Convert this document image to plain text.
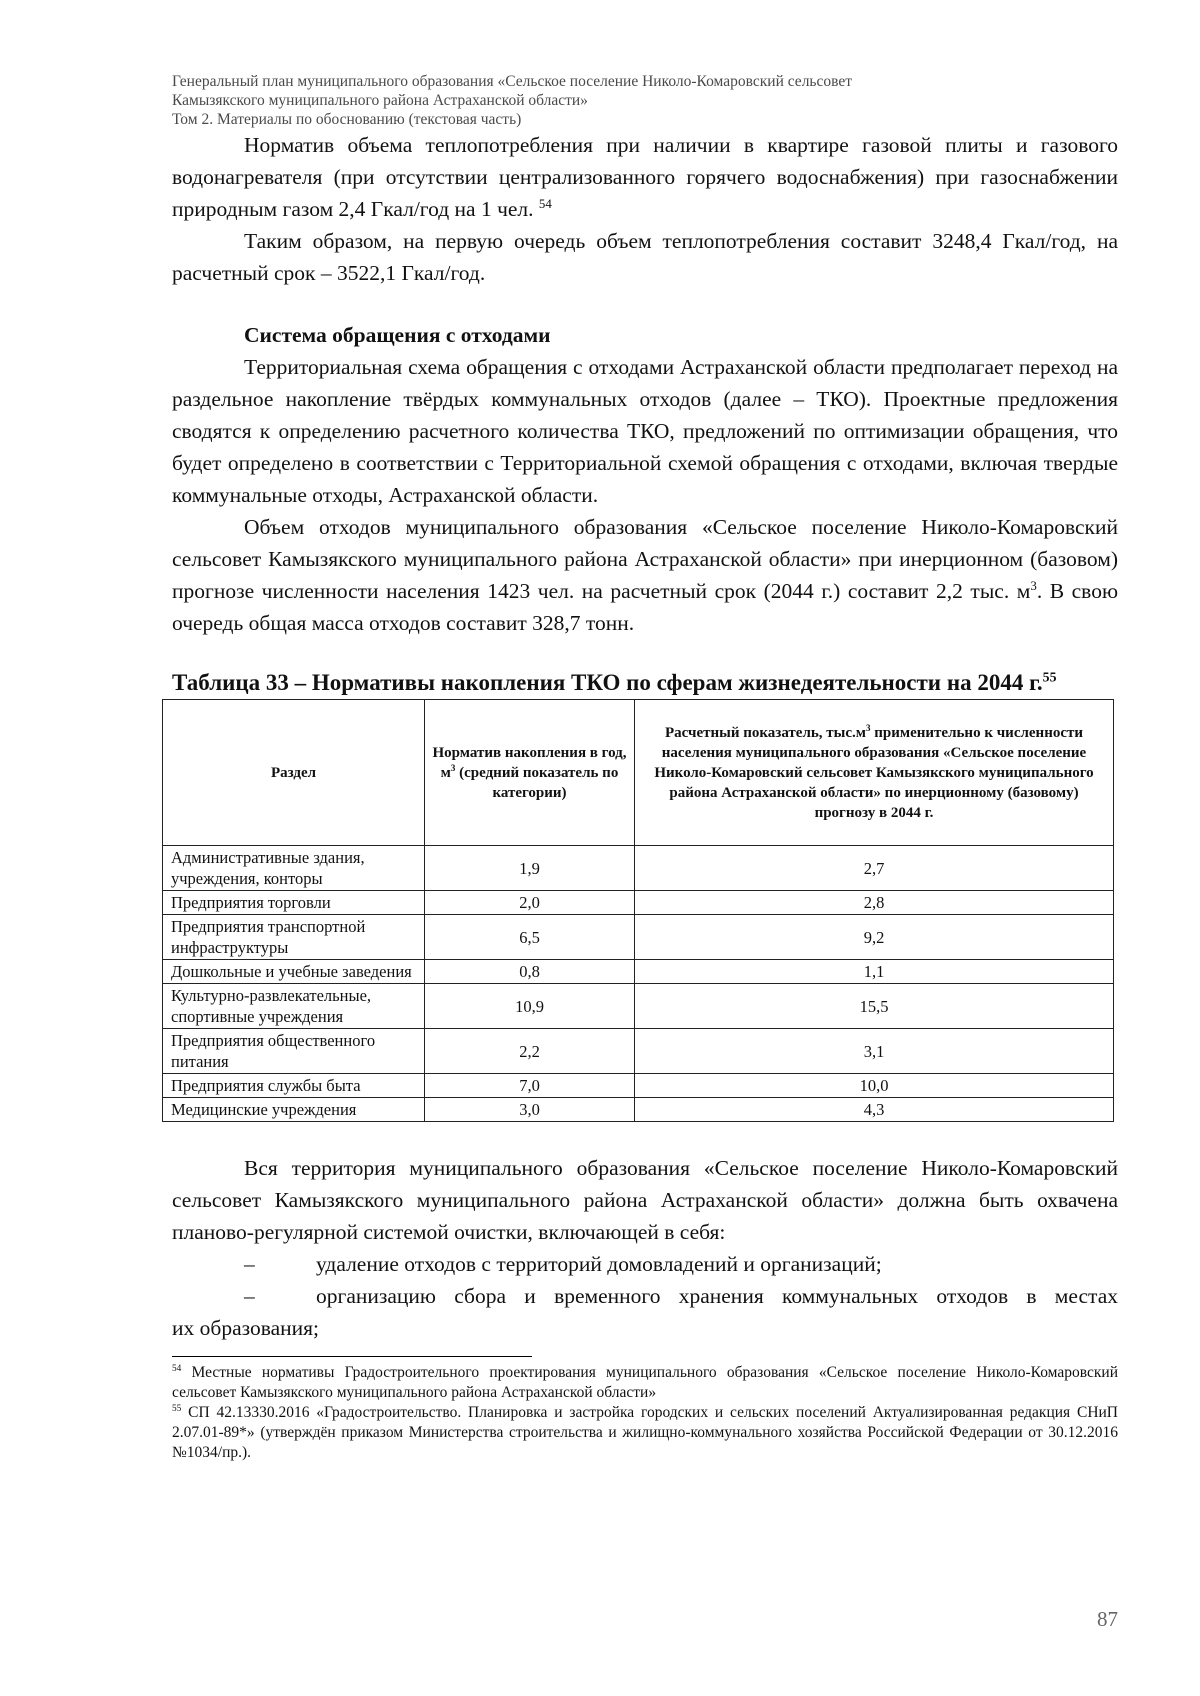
Генеральный план муниципального образования «Сельское поселение Николо-Комаровский сельсовет

Камызякского муниципального района Астраханской области»

Том 2. Материалы по обоснованию (текстовая часть)

Норматив объема теплопотребления при наличии в квартире газовой плиты и газового водонагревателя (при отсутствии централизованного горячего водоснабжения) при газоснабжении природным газом 2,4 Гкал/год на 1 чел. $^{54}$

Таким образом, на первую очередь объем теплопотребления составит 3248,4 Гкал/год, на расчетный срок – 3522,1 Гкал/год.

Система обращения с отходами

Территориальная схема обращения с отходами Астраханской области предполагает переход на раздельное накопление твёрдых коммунальных отходов (далее – ТКО). Проектные предложения сводятся к определению расчетного количества ТКО, предложений по оптимизации обращения, что будет определено в соответствии с Территориальной схемой обращения с отходами, включая твердые коммунальные отходы, Астраханской области.

Объем отходов муниципального образования «Сельское поселение Николо-Комаровский сельсовет Камызякского муниципального района Астраханской области» при инерционном (базовом) прогнозе численности населения 1423 чел. на расчетный срок (2044 г.) составит 2,2 тыс. $м^3$. В свою очередь общая масса отходов составит 328,7 тонн.

Таблица 33 – Нормативы накопления ТКО по сферам жизнедеятельности на 2044 г.$^{55}$
Раздел	Норматив накопления в год, $м^3$ (средний показатель по категории)	Расчетный показатель, $тыс.м^3$ применительно к численности населения муниципального образования «Сельское поселение Николо-Комаровский сельсовет Камызякского муниципального района Астраханской области» по инерционному (базовому) прогнозу в 2044 г.
Административные здания, учреждения, конторы	1,9	2,7
Предприятия торговли	2,0	2,8
Предприятия транспортной инфраструктуры	6,5	9,2
Дошкольные и учебные заведения	0,8	1,1
Культурно-развлекательные, спортивные учреждения	10,9	15,5
Предприятия общественного питания	2,2	3,1
Предприятия службы быта	7,0	10,0
Медицинские учреждения	3,0	4,3

Вся территория муниципального образования «Сельское поселение Николо-Комаровский сельсовет Камызякского муниципального района Астраханской области» должна быть охвачена планово-регулярной системой очистки, включающей в себя:

–	удаление отходов с территорий домовладений и организаций;
–	организацию сбора и временного хранения коммунальных отходов в местах
их образования;

$^{54}$ Местные нормативы Градостроительного проектирования муниципального образования «Сельское поселение Николо-Комаровский сельсовет Камызякского муниципального района Астраханской области»

$^{55}$ СП 42.13330.2016 «Градостроительство. Планировка и застройка городских и сельских поселений Актуализированная редакция СНиП 2.07.01-89*» (утверждён приказом Министерства строительства и жилищно-коммунального хозяйства Российской Федерации от 30.12.2016 №1034/пр.).

87
